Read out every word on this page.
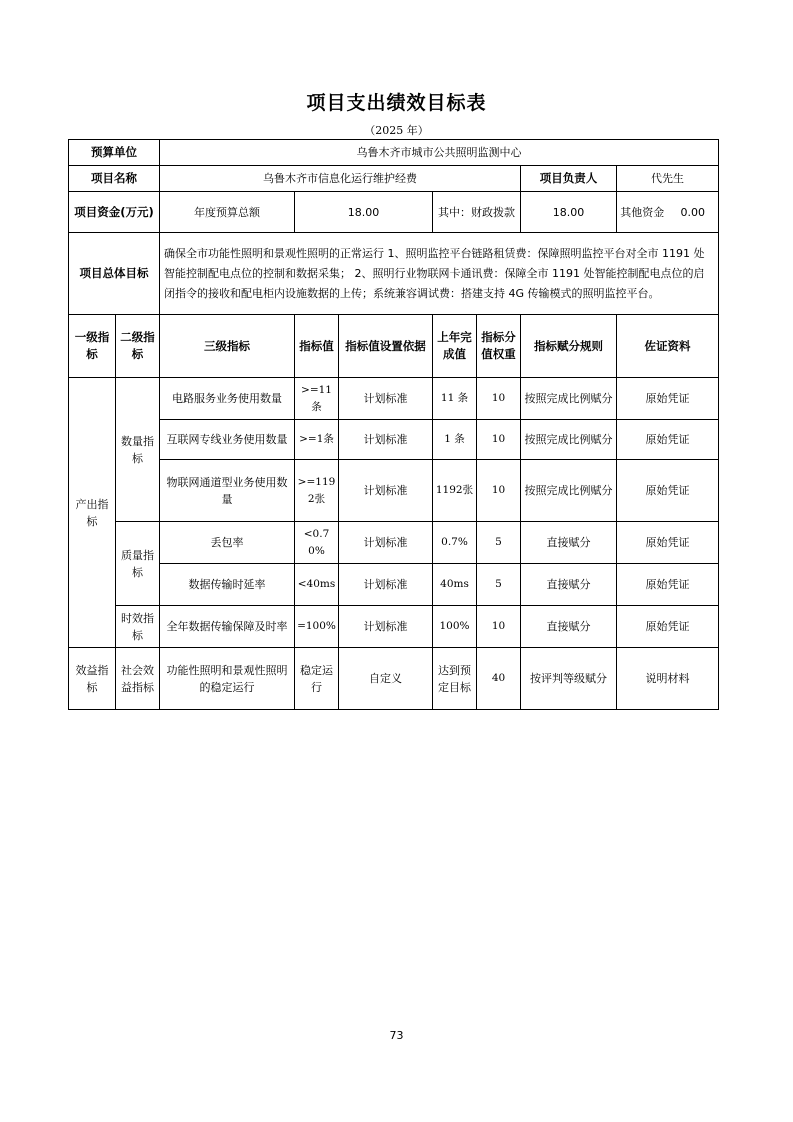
项目支出绩效目标表
（2025 年）
预算单位		乌鲁木齐市城市公共照明监测中心						
项目名称		乌鲁木齐市信息化运行维护经费					项目负责人	代先生
项目资金(万元)		年度预算总额	18.00		其中：财政拨款		18.00	其他资金 0.00

项目总体目标		确保全市功能性照明和景观性照明的正常运行 1、照明监控平台链路租赁费：保障照明监控平台对全市 1191 处智能控制配电点位的控制和数据采集； 2、照明行业物联网卡通讯费：保障全市 1191 处智能控制配电点位的启闭指令的接收和配电柜内设施数据的上传；系统兼容调试费：搭建支持 4G 传输模式的照明监控平台。						
一级指标	二级指标	三级指标	指标值	指标值设置依据	上年完成值	指标分值权重	指标赋分规则	佐证资料
产出指标	数量指标	电路服务业务使用数量	>=11条	计划标准	11 条	10	按照完成比例赋分	原始凭证
		互联网专线业务使用数量	>=1条	计划标准	1 条	10	按照完成比例赋分	原始凭证
		物联网通道型业务使用数量	>=1192张	计划标准	1192张	10	按照完成比例赋分	原始凭证
	质量指标	丢包率	<0.70%	计划标准	0.7%	5	直接赋分	原始凭证
		数据传输时延率	<40ms	计划标准	40ms	5	直接赋分	原始凭证
	时效指标	全年数据传输保障及时率	=100%	计划标准	100%	10	直接赋分	原始凭证
效益指标	社会效益指标	功能性照明和景观性照明的稳定运行	稳定运行	自定义	达到预定目标	40	按评判等级赋分	说明材料
73
